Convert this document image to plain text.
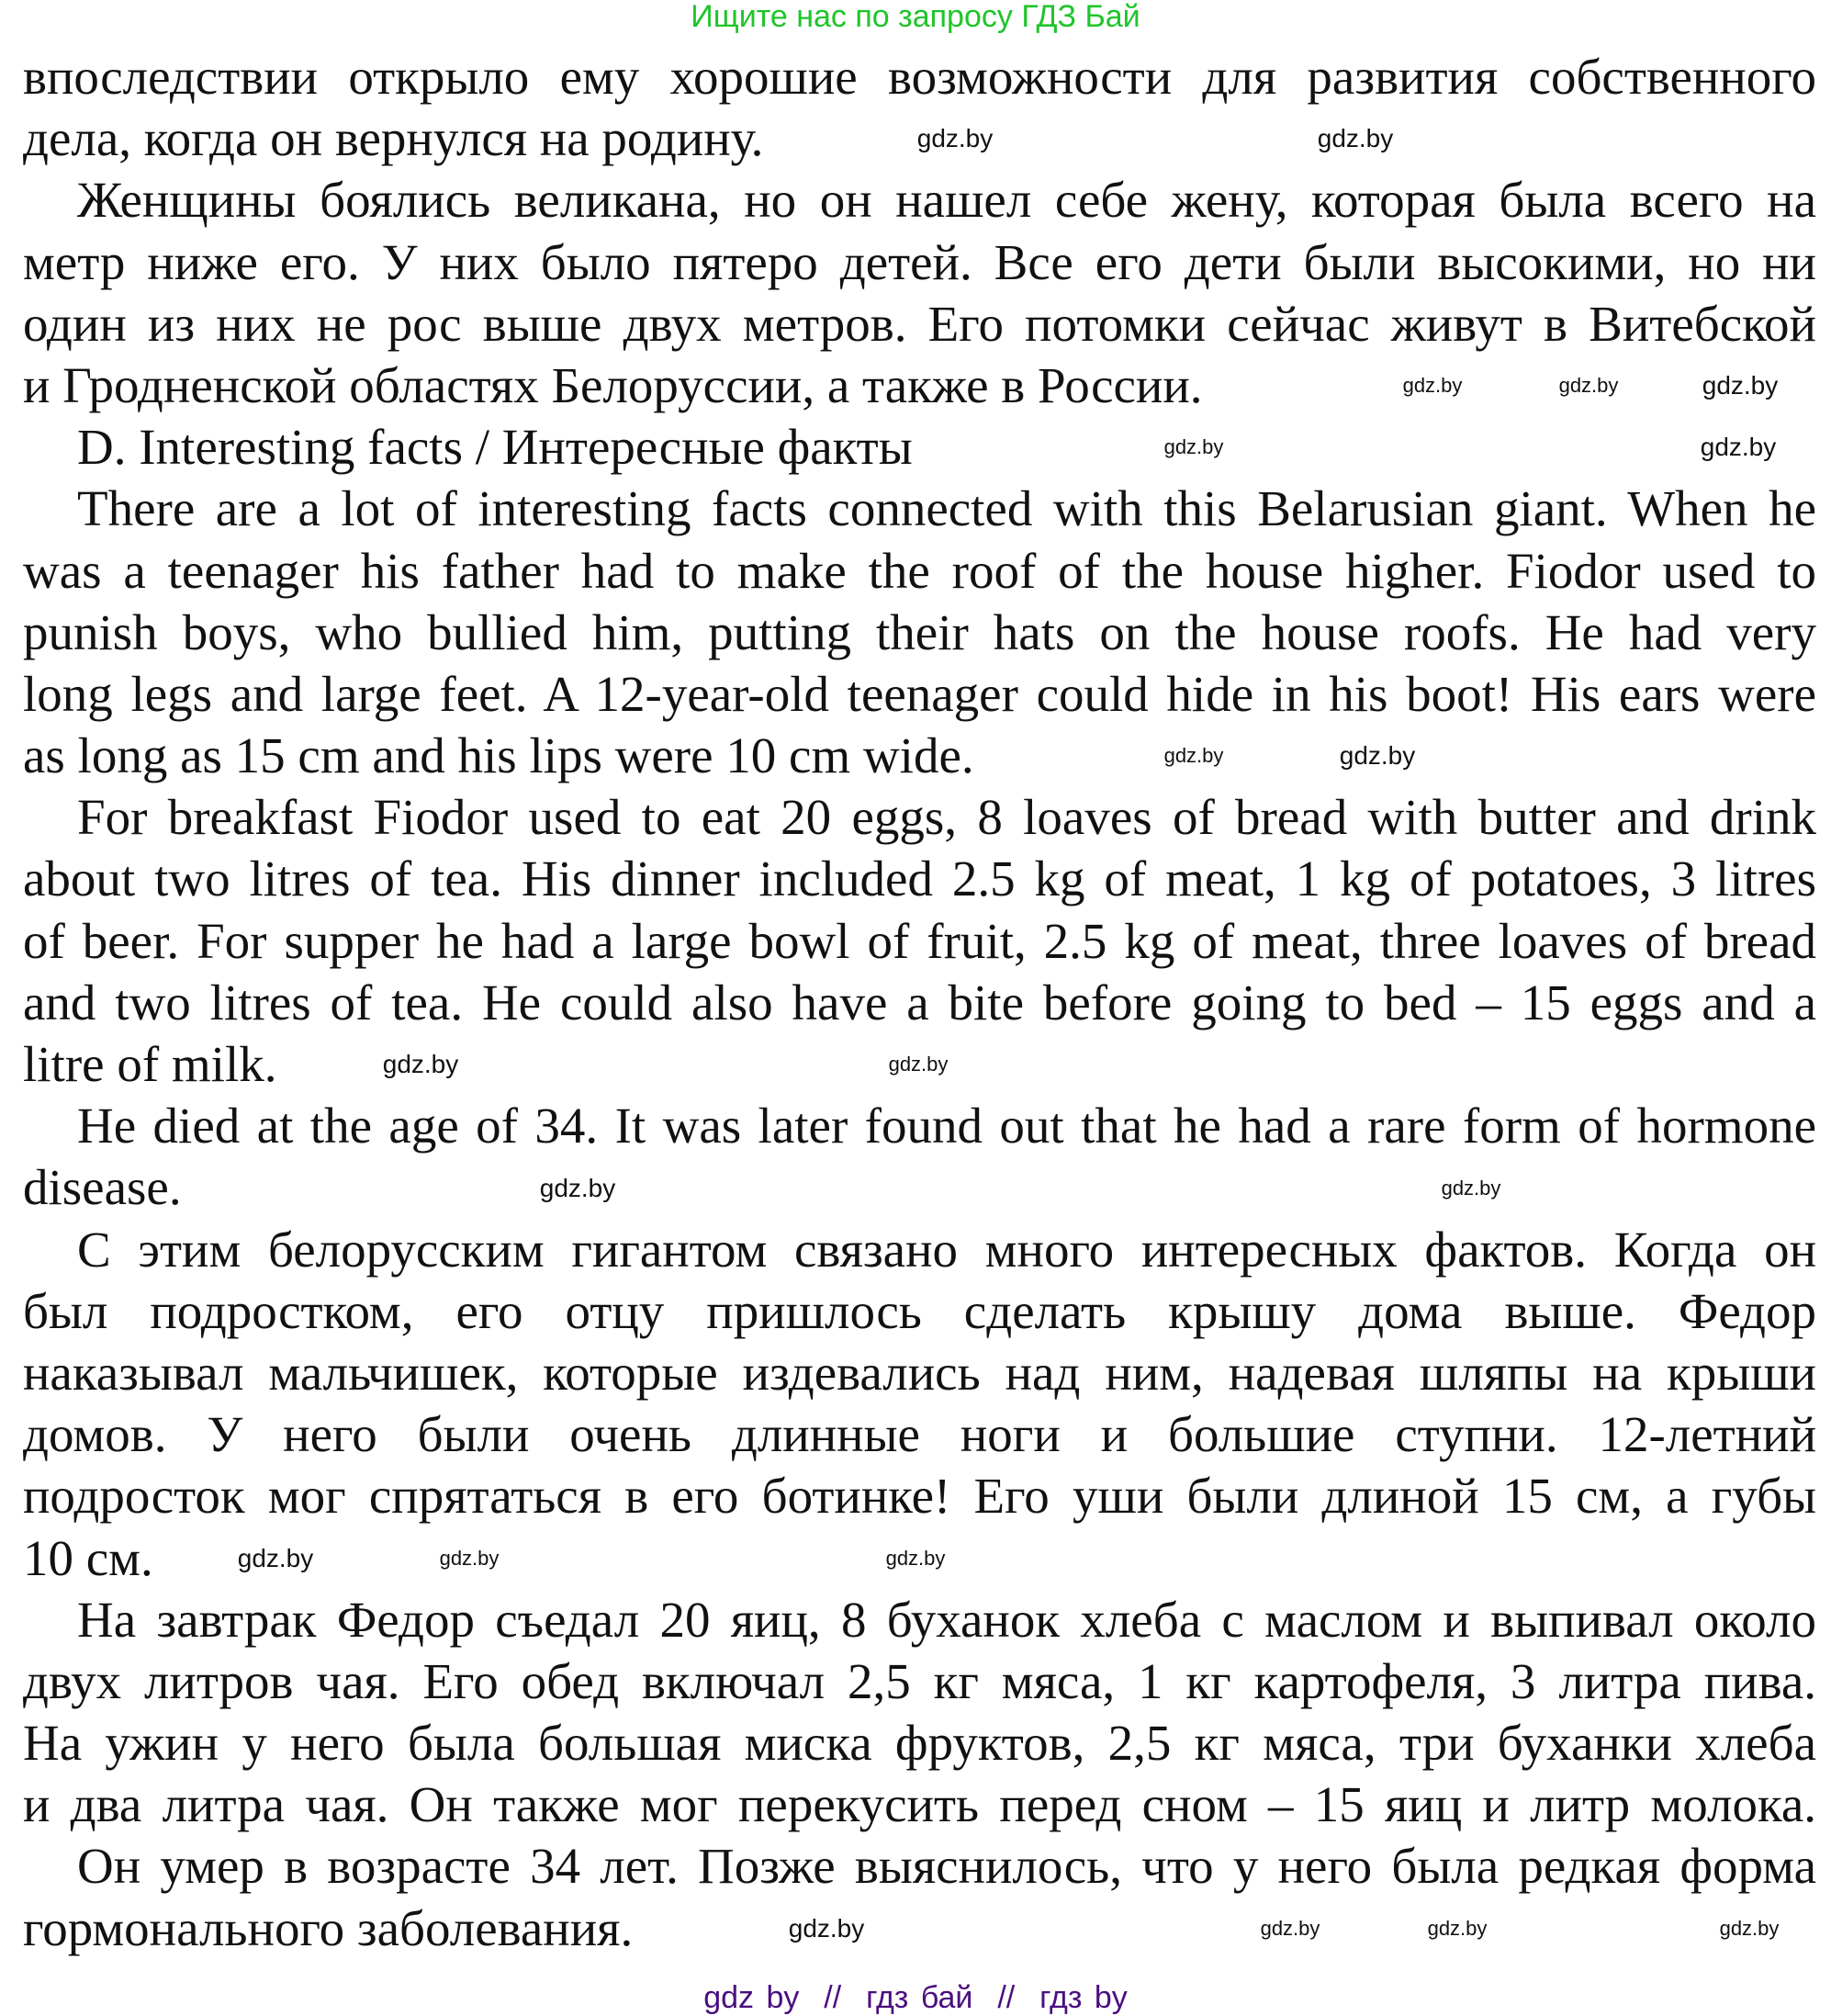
Ищите нас по запросу ГДЗ Бай
впоследствии открыло ему хорошие возможности для развития собственного
дела, когда он вернулся на родину.
Женщины боялись великана, но он нашел себе жену, которая была всего на
метр ниже его. У них было пятеро детей. Все его дети были высокими, но ни
один из них не рос выше двух метров. Его потомки сейчас живут в Витебской
и Гродненской областях Белоруссии, а также в России.
D. Interesting facts / Интересные факты
There are a lot of interesting facts connected with this Belarusian giant. When he
was a teenager his father had to make the roof of the house higher. Fiodor used to
punish boys, who bullied him, putting their hats on the house roofs. He had very
long legs and large feet. A 12-year-old teenager could hide in his boot! His ears were
as long as 15 cm and his lips were 10 cm wide.
For breakfast Fiodor used to eat 20 eggs, 8 loaves of bread with butter and drink
about two litres of tea. His dinner included 2.5 kg of meat, 1 kg of potatoes, 3 litres
of beer. For supper he had a large bowl of fruit, 2.5 kg of meat, three loaves of bread
and two litres of tea. He could also have a bite before going to bed – 15 eggs and a
litre of milk.
He died at the age of 34. It was later found out that he had a rare form of hormone
disease.
С этим белорусским гигантом связано много интересных фактов. Когда он
был подростком, его отцу пришлось сделать крышу дома выше. Федор
наказывал мальчишек, которые издевались над ним, надевая шляпы на крыши
домов. У него были очень длинные ноги и большие ступни. 12-летний
подросток мог спрятаться в его ботинке! Его уши были длиной 15 см, а губы
10 см.
На завтрак Федор съедал 20 яиц, 8 буханок хлеба с маслом и выпивал около
двух литров чая. Его обед включал 2,5 кг мяса, 1 кг картофеля, 3 литра пива.
На ужин у него была большая миска фруктов, 2,5 кг мяса, три буханки хлеба
и два литра чая. Он также мог перекусить перед сном – 15 яиц и литр молока.
Он умер в возрасте 34 лет. Позже выяснилось, что у него была редкая форма
гормонального заболевания.
gdz.by	gdz.by
gdz.by	gdz.by	gdz.by
gdz.by
gdz.by
gdz.by	gdz.by
gdz.by
gdz.by
gdz.by
gdz.by
gdz.by
gdz.by
gdz.by	gdz.by
gdz.by
gdz.by
gdz.by
gdz by  //  гдз бай  //  гдз by
